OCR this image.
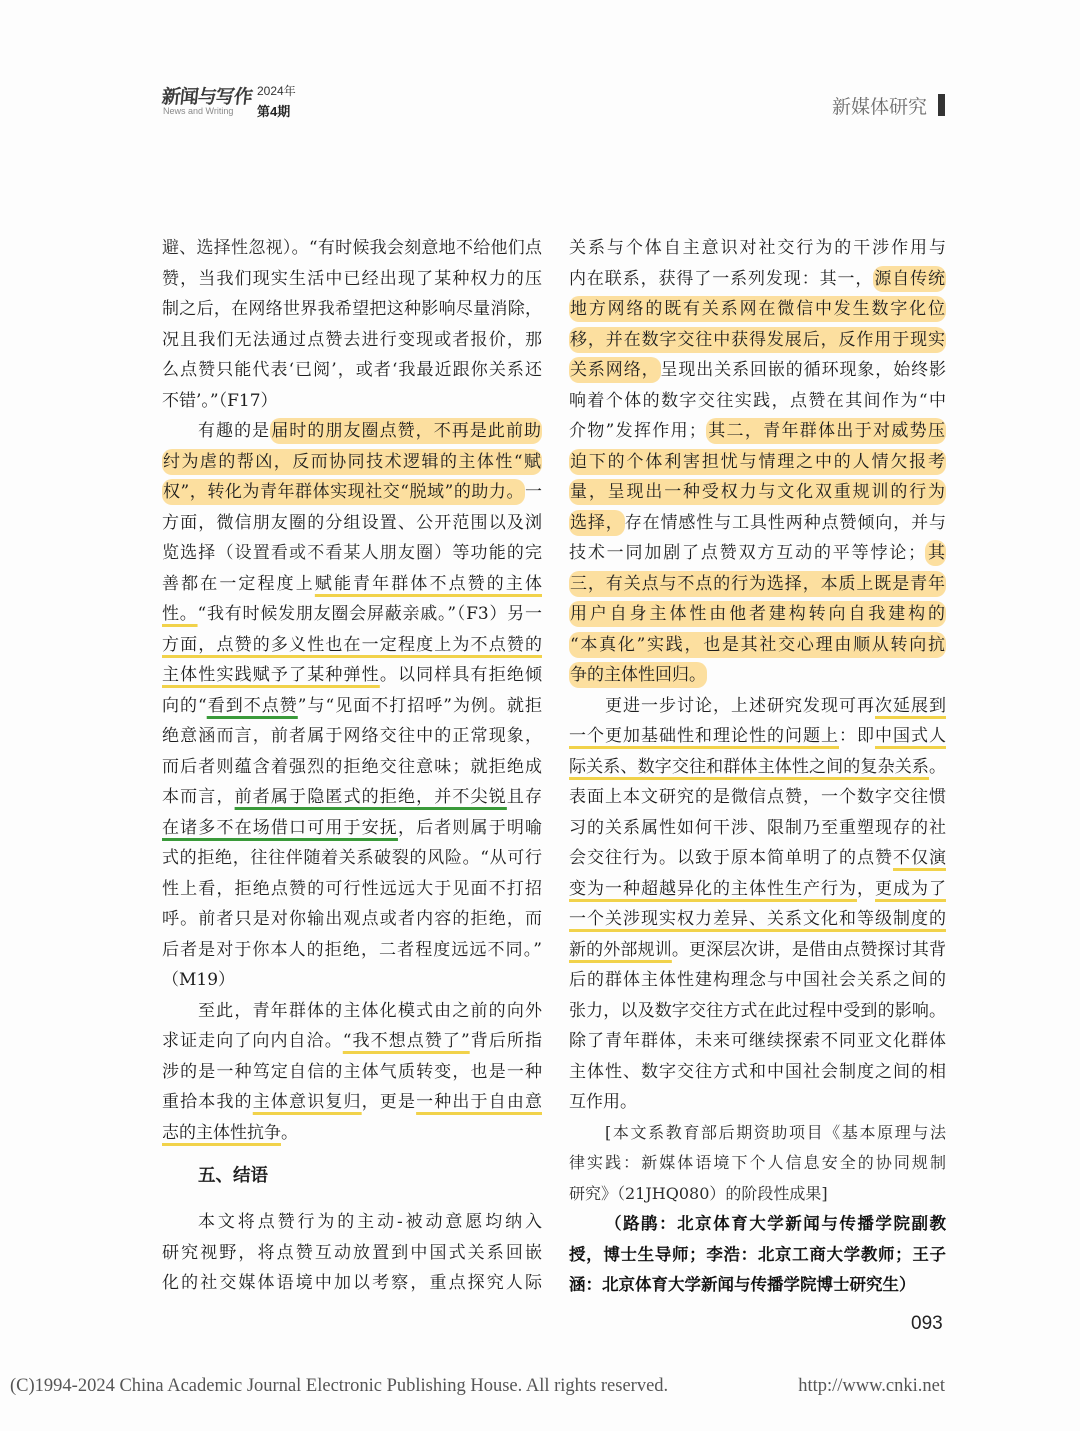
新闻与写作
News and Writing
2024年
第4期	新媒体研究
避、选择性忽视）。“有时候我会刻意地不给他们点
赞，当我们现实生活中已经出现了某种权力的压
制之后，在网络世界我希望把这种影响尽量消除，
况且我们无法通过点赞去进行变现或者报价，那
么点赞只能代表‘已阅’，或者‘我最近跟你关系还
不错’。”（F17）
有趣的是届时的朋友圈点赞，不再是此前助
纣为虐的帮凶，反而协同技术逻辑的主体性“赋
权”，转化为青年群体实现社交“脱域”的助力。一
方面，微信朋友圈的分组设置、公开范围以及浏
览选择（设置看或不看某人朋友圈）等功能的完
善都在一定程度上赋能青年群体不点赞的主体
性。“我有时候发朋友圈会屏蔽亲戚。”（F3）另一
方面，点赞的多义性也在一定程度上为不点赞的
主体性实践赋予了某种弹性。以同样具有拒绝倾
向的“看到不点赞”与“见面不打招呼”为例。就拒
绝意涵而言，前者属于网络交往中的正常现象，
而后者则蕴含着强烈的拒绝交往意味；就拒绝成
本而言，前者属于隐匿式的拒绝，并不尖锐且存
在诸多不在场借口可用于安抚，后者则属于明喻
式的拒绝，往往伴随着关系破裂的风险。“从可行
性上看，拒绝点赞的可行性远远大于见面不打招
呼。前者只是对你输出观点或者内容的拒绝，而
后者是对于你本人的拒绝，二者程度远远不同。”
（M19）
至此，青年群体的主体化模式由之前的向外
求证走向了向内自洽。“我不想点赞了”背后所指
涉的是一种笃定自信的主体气质转变，也是一种
重拾本我的主体意识复归，更是一种出于自由意
志的主体性抗争。
五、结语
本文将点赞行为的主动-被动意愿均纳入
研究视野，将点赞互动放置到中国式关系回嵌
化的社交媒体语境中加以考察，重点探究人际
关系与个体自主意识对社交行为的干涉作用与
内在联系，获得了一系列发现：其一，源自传统
地方网络的既有关系网在微信中发生数字化位
移，并在数字交往中获得发展后，反作用于现实
关系网络，呈现出关系回嵌的循环现象，始终影
响着个体的数字交往实践，点赞在其间作为“中
介物”发挥作用；其二，青年群体出于对威势压
迫下的个体利害担忧与情理之中的人情欠报考
量，呈现出一种受权力与文化双重规训的行为
选择，存在情感性与工具性两种点赞倾向，并与
技术一同加剧了点赞双方互动的平等悖论；其
三，有关点与不点的行为选择，本质上既是青年
用户自身主体性由他者建构转向自我建构的
“本真化”实践，也是其社交心理由顺从转向抗
争的主体性回归。
更进一步讨论，上述研究发现可再次延展到
一个更加基础性和理论性的问题上：即中国式人
际关系、数字交往和群体主体性之间的复杂关系。
表面上本文研究的是微信点赞，一个数字交往惯
习的关系属性如何干涉、限制乃至重塑现存的社
会交往行为。以致于原本简单明了的点赞不仅演
变为一种超越异化的主体性生产行为，更成为了
一个关涉现实权力差异、关系文化和等级制度的
新的外部规训。更深层次讲，是借由点赞探讨其背
后的群体主体性建构理念与中国社会关系之间的
张力，以及数字交往方式在此过程中受到的影响。
除了青年群体，未来可继续探索不同亚文化群体
主体性、数字交往方式和中国社会制度之间的相
互作用。
[本文系教育部后期资助项目《基本原理与法
律实践：新媒体语境下个人信息安全的协同规制
研究》（21JHQ080）的阶段性成果]
（路鹃：北京体育大学新闻与传播学院副教
授，博士生导师；李浩：北京工商大学教师；王子
涵：北京体育大学新闻与传播学院博士研究生）
093
(C)1994-2024 China Academic Journal Electronic Publishing House. All rights reserved.	http://www.cnki.net
